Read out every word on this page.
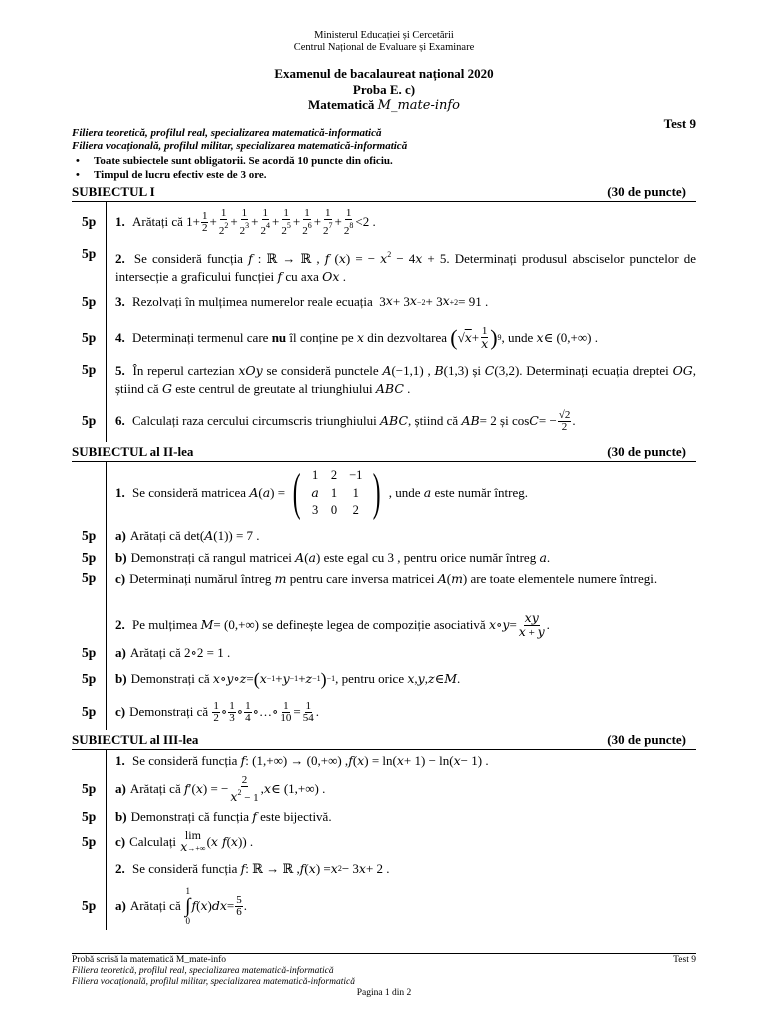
Ministerul Educației și Cercetării
Centrul Național de Evaluare și Examinare
Examenul de bacalaureat național 2020
Proba E. c)
Matematică M_mate-info
Test 9
Filiera teoretică, profilul real, specializarea matematică-informatică
Filiera vocațională, profilul militar, specializarea matematică-informatică
• Toate subiectele sunt obligatorii. Se acordă 10 puncte din oficiu.
• Timpul de lucru efectiv este de 3 ore.
SUBIECTUL I	(30 de puncte)
5p	1.
Arătați că $1+ \frac{1}{2} + \frac{1}{2^2} + \frac{1}{2^3} + \frac{1}{2^4} + \frac{1}{2^5} + \frac{1}{2^6} + \frac{1}{2^7} + \frac{1}{2^8} <2$ .
5p	2. Se consideră funcția f : ℝ → ℝ , f (x) = − $x^2 - 4x + 5$. Determinați produsul absciselor punctelor de intersecție a graficului funcției f cu axa Ox .
5p	3.
Rezolvați în mulțimea numerelor reale ecuația 3 x + 3 x−2 + 3 x+2 = 91 .
5p	4.
Determinați termenul care
nu
îl conține pe
x
din dezvoltarea
( √ $x + \frac{1}{x}$ ) 9 , unde
x ∈ (0,+∞) .
5p	5. În reperul cartezian xOy se consideră punctele A(−1,1) , B(1,3) și C(3,2). Determinați ecuația dreptei OG, știind că G este centrul de greutate al triunghiului ABC .
5p	6.
Calculați raza cercului circumscris triunghiului
ABC , știind că
AB = 2 și cos C = − $\frac{√2}{2}$ .
SUBIECTUL al II-lea	(30 de puncte)
1.
Se consideră matricea
A ( a ) = ( 1	2	−1
a	1	1
3	0	2 ) , unde
a
este număr întreg.
5p	a) Arătați că det( A (1)) = 7 .
5p	b) Demonstrați că rangul matricei
A ( a ) este egal cu 3 , pentru orice număr întreg
a .
5p	c) Determinați numărul întreg m pentru care inversa matricei A(m) are toate elementele numere întregi.
2.
Pe mulțimea
M = (0,+∞) se definește legea de compoziție asociativă
x ∘ $y = \frac{xy}{x + y}$ .
5p	a) Arătați că 2∘2 = 1 .
5p	b) Demonstrați că
x ∘ y ∘ z = ( x −1 + y −1 + z −1 ) −1 , pentru orice
x , y , z ∈ M .
5p	c) Demonstrați că
$\frac{1}{2}$ ∘ $\frac{1}{3}$ ∘ $\frac{1}{4}$ ∘…∘ $\frac{1}{10} = \frac{1}{54}$ .
SUBIECTUL al III-lea	(30 de puncte)
1.
Se consideră funcția
f : (1,+∞) → (0,+∞) , f ( x ) = ln( x + 1) − ln( x − 1) .
5p	a) Arătați că
f ′( x ) = − $\frac{2}{x^2 - 1}$ , x ∈ (1,+∞) .
5p	b) Demonstrați că funcția
f
este bijectivă.
5p	c) Calculați
lim
x→+∞ ( x f ( x )) .
2.
Se consideră funcția
f : ℝ → ℝ , f ( x ) = x 2 − 3 x + 2 .
5p	a) Arătați că

1
∫
0
f ( x ) dx = $\frac{5}{6}$ .
Probă scrisă la matematică M_mate-info	Test 9
Filiera teoretică, profilul real, specializarea matematică-informatică
Filiera vocațională, profilul militar, specializarea matematică-informatică
Pagina 1 din 2
